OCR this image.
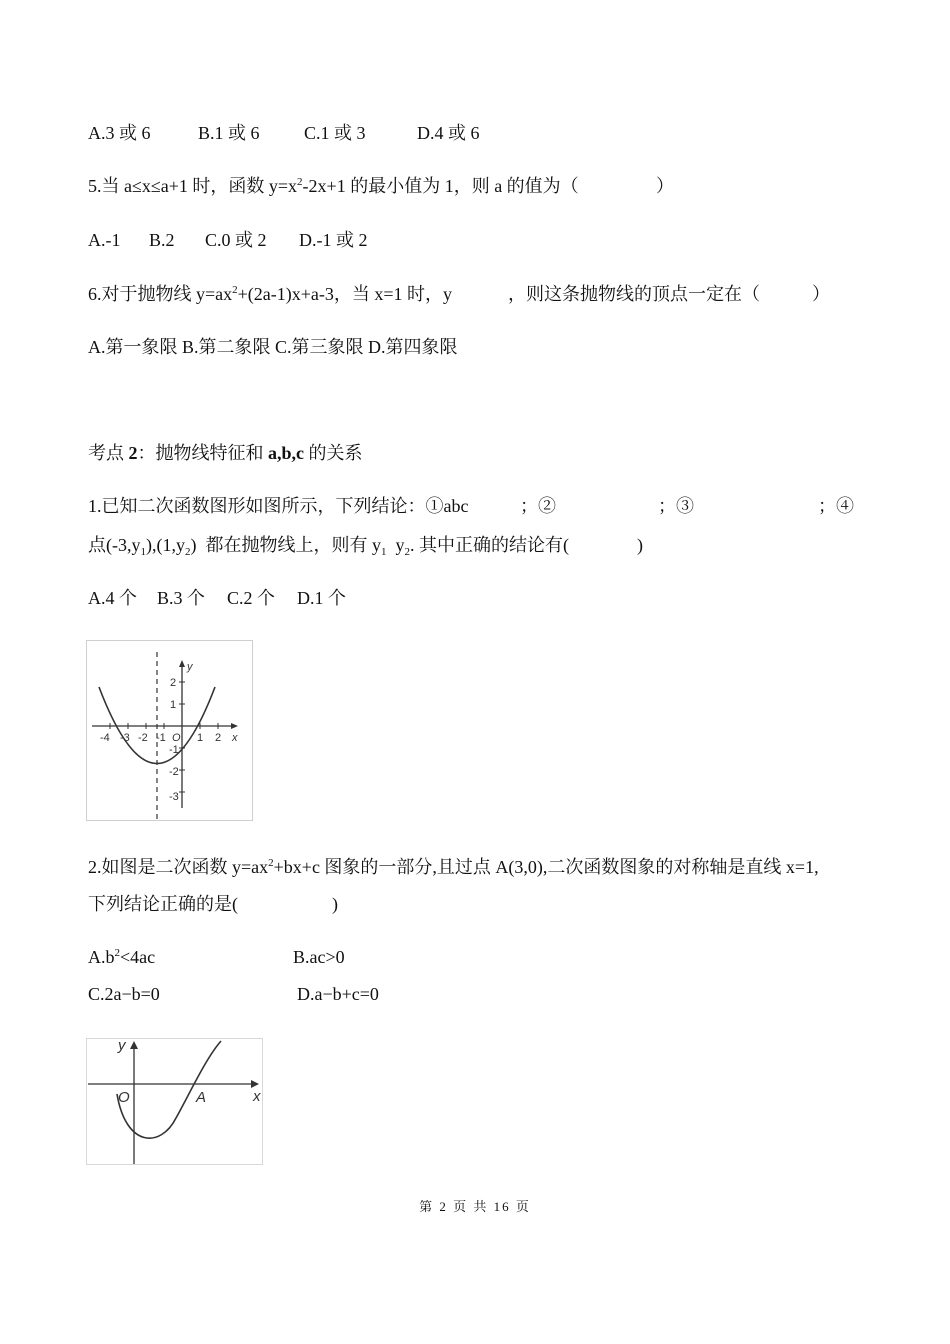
A.3 或 6	B.1 或 6 C.1 或 3	D.4 或 6
5.当 a≤x≤a+1 时，函数 $y=x^2-2x+1$ 的最小值为 1，则 a 的值为（	）
A.-1 B.2 C.0 或 2 D.-1 或 2
6.对于抛物线 $y=ax^2+(2a-1)x+a-3$，当 x=1 时，y	，则这条抛物线的顶点一定在（	）
A.第一象限 B.第二象限 C.第三象限 D.第四象限
考点 2：抛物线特征和 a,b,c 的关系
1.已知二次函数图形如图所示，下列结论：①abc	；②	；③	；④
点$(-3,y_1),(1,y_2)$  都在抛物线上，则有 $y_1$  $y_2$. 其中正确的结论有(	)
A.4 个 B.3 个 C.2 个 D.1 个
-4 -3 -2 -1 O 1 2 x
y
2
1
-1
-2
-3
2.如图是二次函数 $y=ax^2+bx+c$ 图象的一部分,且过点 A(3,0),二次函数图象的对称轴是直线 x=1,
下列结论正确的是(	)
$A.b^2<4ac$	B.ac>0
C.2a−b=0	D.a−b+c=0
y
x
O	A
第 2 页 共 16 页
